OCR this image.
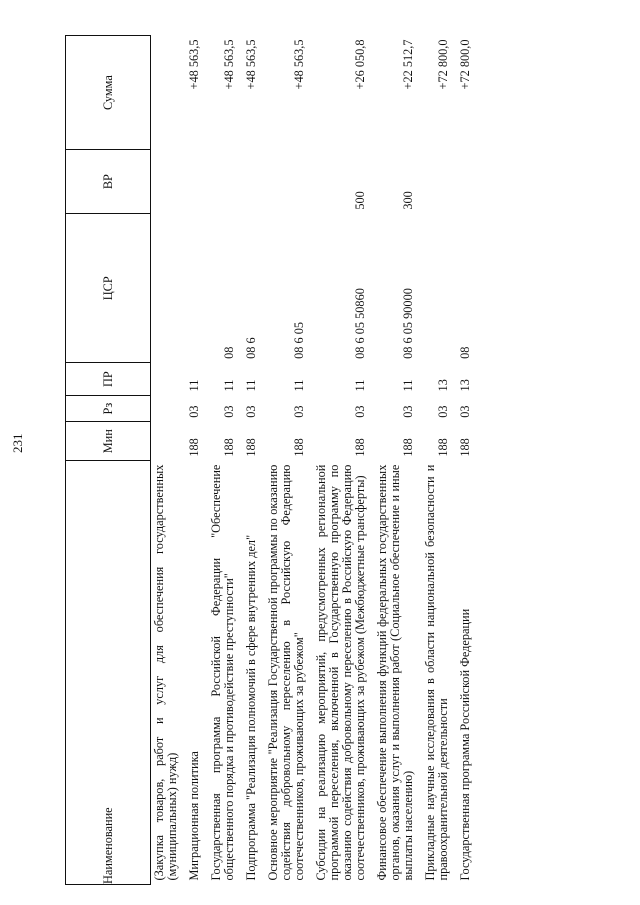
231
Наименование	Мин	Рз	ПР	ЦСР	ВР	Сумма
(Закупка товаров, работ и услуг для обеспечения государственных (муниципальных) нужд)						
Миграционная политика	188	03	11			+48 563,5
Государственная программа Российской Федерации "Обеспечение общественного порядка и противодействие преступности"	188	03	11	08		+48 563,5
Подпрограмма "Реализация полномочий в сфере внутренних дел"	188	03	11	08 6		+48 563,5
Основное мероприятие "Реализация Государственной программы по оказанию содействия добровольному переселению в Российскую Федерацию соотечественников, проживающих за рубежом"	188	03	11	08 6 05		+48 563,5
Субсидии на реализацию мероприятий, предусмотренных региональной программой переселения, включенной в Государственную программу по оказанию содействия добровольному переселению в Российскую Федерацию соотечественников, проживающих за рубежом (Межбюджетные трансферты)	188	03	11	08 6 05 50860	500	+26 050,8
Финансовое обеспечение выполнения функций федеральных государственных органов, оказания услуг и выполнения работ (Социальное обеспечение и иные выплаты населению)	188	03	11	08 6 05 90000	300	+22 512,7
Прикладные научные исследования в области национальной безопасности и правоохранительной деятельности	188	03	13			+72 800,0
Государственная программа Российской Федерации	188	03	13	08		+72 800,0
